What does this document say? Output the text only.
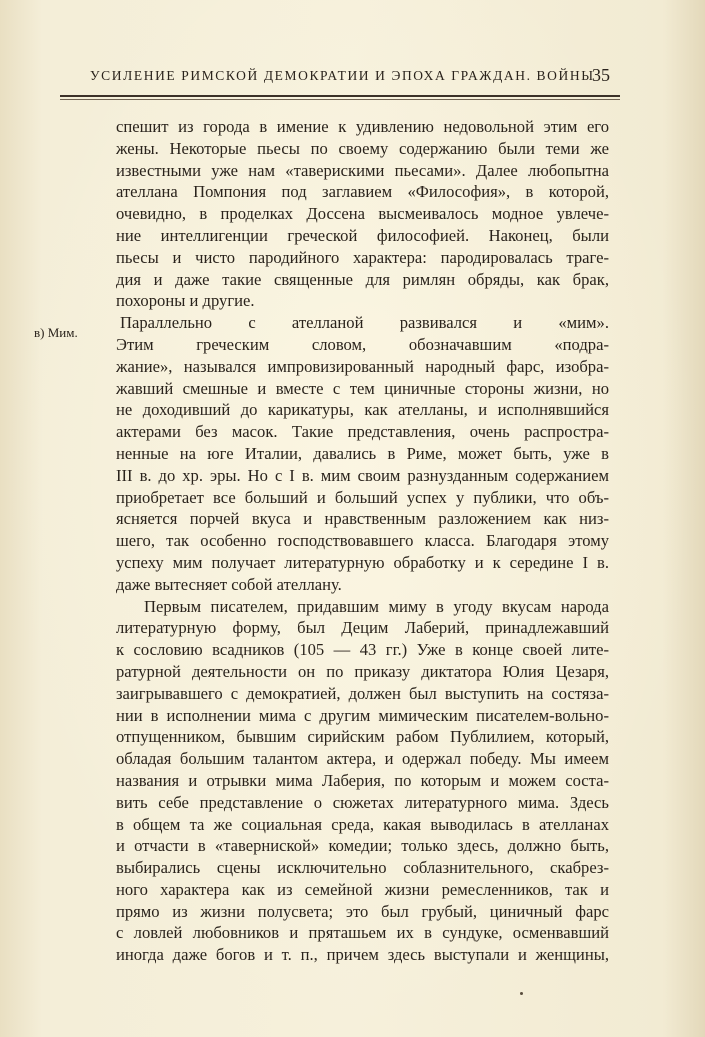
УСИЛЕНИЕ РИМСКОЙ ДЕМОКРАТИИ И ЭПОХА ГРАЖДАН. ВОЙНЫ
35
спешит из города в имение к удивлению недовольной этим его
жены. Некоторые пьесы по своему содержанию были теми же
известными уже нам «таверискими пьесами». Далее любопытна
ателлана Помпония под заглавием «Философия», в которой,
очевидно, в проделках Доссена высмеивалось модное увлече-
ние интеллигенции греческой философией. Наконец, были
пьесы и чисто пародийного характера: пародировалась траге-
дия и даже такие священные для римлян обряды, как брак,
похороны и другие.
в) Мим.
Параллельно с ателланой развивался и «мим».
Этим греческим словом, обозначавшим «подра-
жание», назывался импровизированный народный фарс, изобра-
жавший смешные и вместе с тем циничные стороны жизни, но
не доходивший до карикатуры, как ателланы, и исполнявшийся
актерами без масок. Такие представления, очень распростра-
ненные на юге Италии, давались в Риме, может быть, уже в
III в. до хр. эры. Но с I в. мим своим разнузданным содержанием
приобретает все больший и больший успех у публики, что объ-
ясняется порчей вкуса и нравственным разложением как низ-
шего, так особенно господствовавшего класса. Благодаря этому
успеху мим получает литературную обработку и к середине I в.
даже вытесняет собой ателлану.
Первым писателем, придавшим миму в угоду вкусам народа
литературную форму, был Децим Лаберий, принадлежавший
к сословию всадников (105 — 43 гг.) Уже в конце своей лите-
ратурной деятельности он по приказу диктатора Юлия Цезаря,
заигрывавшего с демократией, должен был выступить на состяза-
нии в исполнении мима с другим мимическим писателем-вольно-
отпущенником, бывшим сирийским рабом Публилием, который,
обладая большим талантом актера, и одержал победу. Мы имеем
названия и отрывки мима Лаберия, по которым и можем соста-
вить себе представление о сюжетах литературного мима. Здесь
в общем та же социальная среда, какая выводилась в ателланах
и отчасти в «таверниской» комедии; только здесь, должно быть,
выбирались сцены исключительно соблазнительного, скабрез-
ного характера как из семейной жизни ремесленников, так и
прямо из жизни полусвета; это был грубый, циничный фарс
с ловлей любовников и пряташьем их в сундуке, осменвавший
иногда даже богов и т. п., причем здесь выступали и женщины,
